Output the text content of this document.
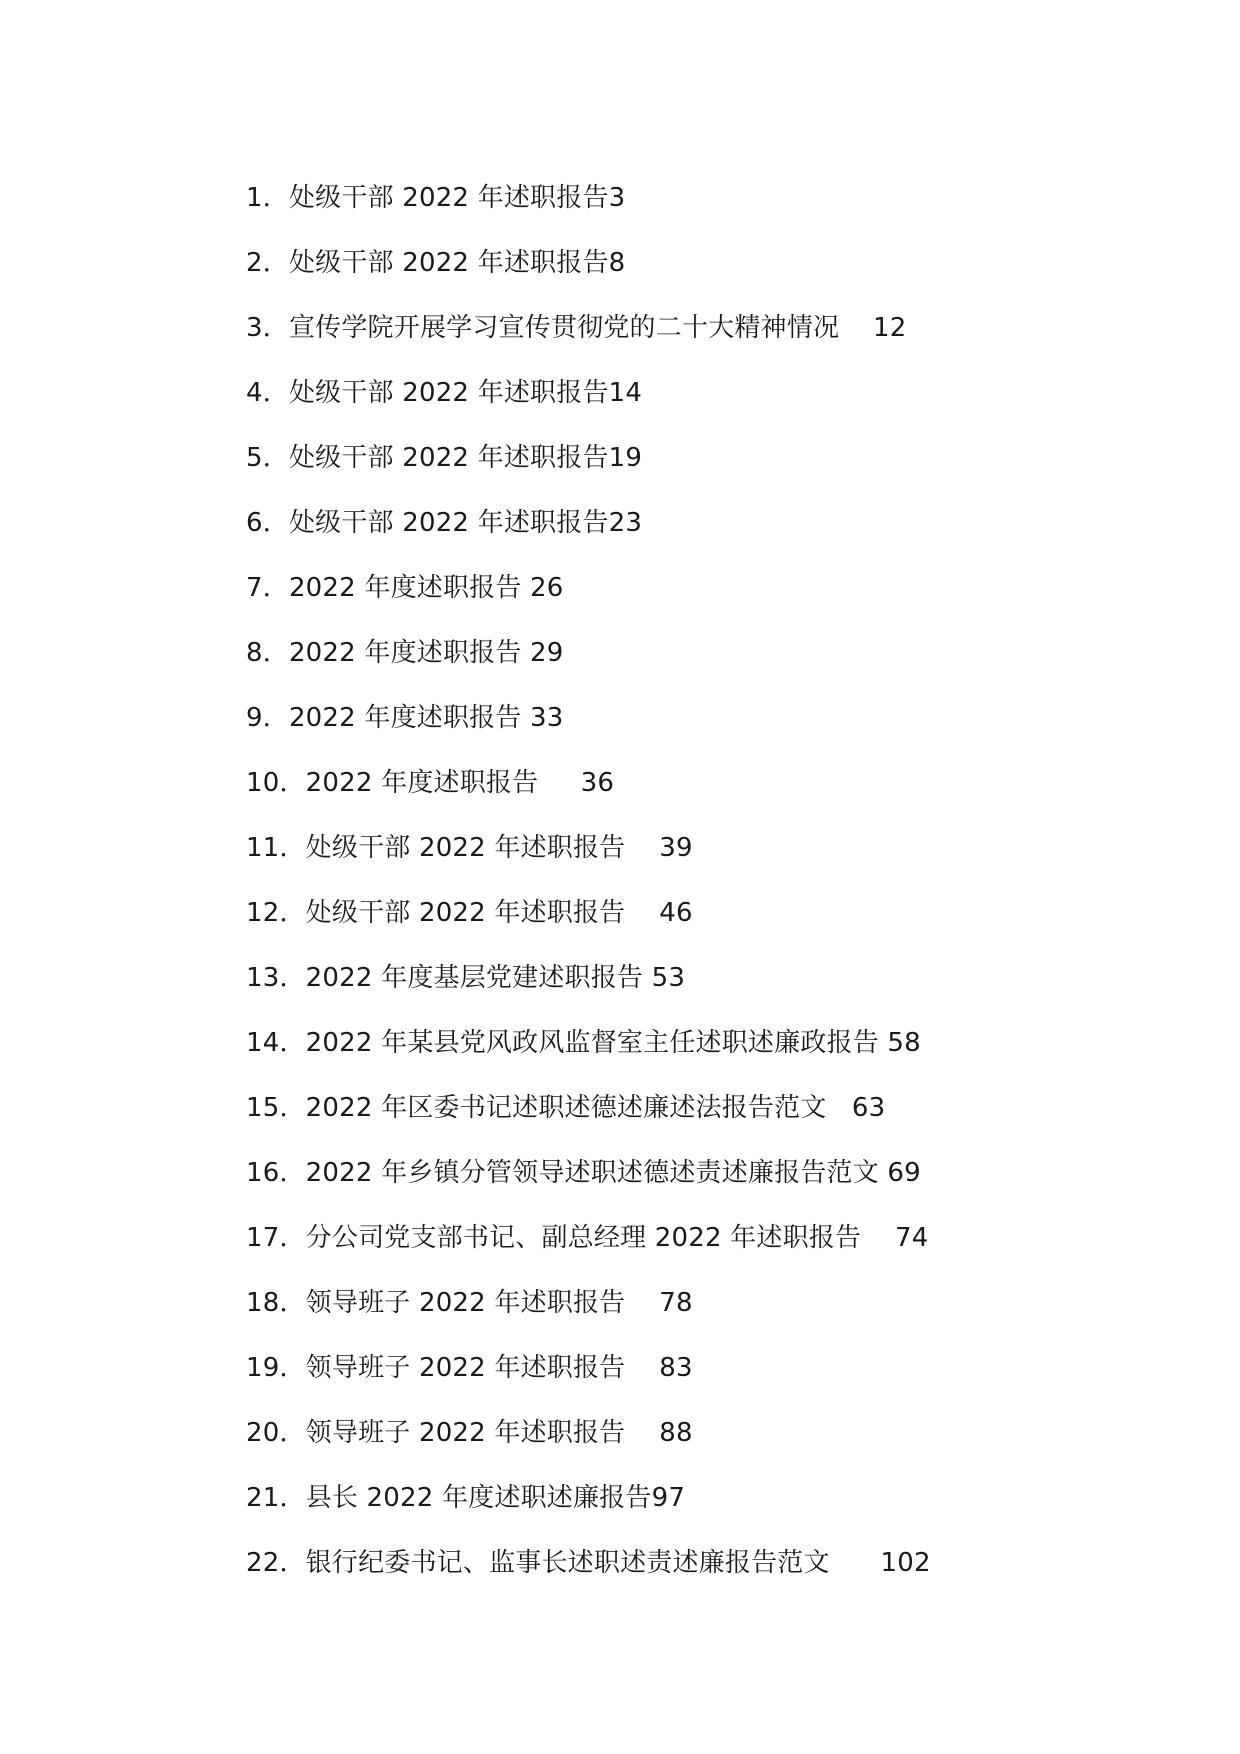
1．处级干部 2022 年述职报告3
2．处级干部 2022 年述职报告8
3．宣传学院开展学习宣传贯彻党的二十大精神情况    12
4．处级干部 2022 年述职报告14
5．处级干部 2022 年述职报告19
6．处级干部 2022 年述职报告23
7．2022 年度述职报告 26
8．2022 年度述职报告 29
9．2022 年度述职报告 33
10．2022 年度述职报告     36
11．处级干部 2022 年述职报告    39
12．处级干部 2022 年述职报告    46
13．2022 年度基层党建述职报告 53
14．2022 年某县党风政风监督室主任述职述廉政报告 58
15．2022 年区委书记述职述德述廉述法报告范文   63
16．2022 年乡镇分管领导述职述德述责述廉报告范文 69
17．分公司党支部书记、副总经理 2022 年述职报告    74
18．领导班子 2022 年述职报告    78
19．领导班子 2022 年述职报告    83
20．领导班子 2022 年述职报告    88
21．县长 2022 年度述职述廉报告97
22．银行纪委书记、监事长述职述责述廉报告范文      102
